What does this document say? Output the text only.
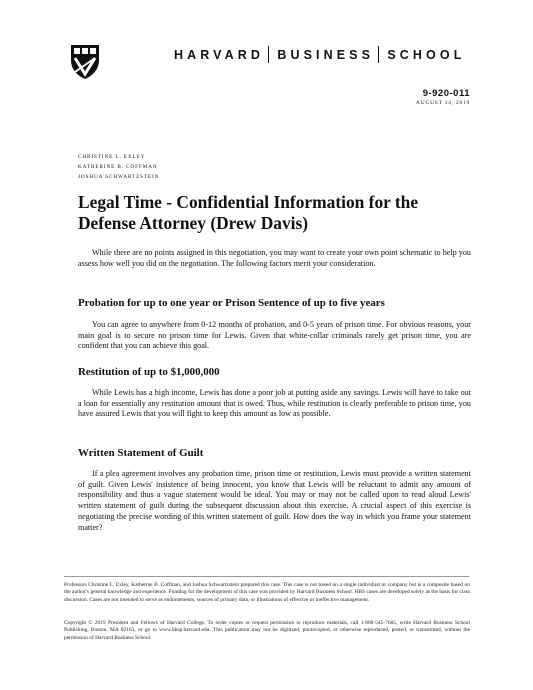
HARVARD BUSINESS SCHOOL
9-920-011
AUGUST 14, 2019
CHRISTINE L. EXLEY
KATHERINE B. COFFMAN
JOSHUA SCHWARTZSTEIN
Legal Time - Confidential Information for the Defense Attorney (Drew Davis)

While there are no points assigned in this negotiation, you may want to create your own point schematic to help you assess how well you did on the negotiation. The following factors merit your consideration.

Probation for up to one year or Prison Sentence of up to five years

You can agree to anywhere from 0-12 months of probation, and 0-5 years of prison time. For obvious reasons, your main goal is to secure no prison time for Lewis. Given that white-collar criminals rarely get prison time, you are confident that you can achieve this goal.

Restitution of up to $1,000,000

While Lewis has a high income, Lewis has done a poor job at putting aside any savings. Lewis will have to take out a loan for essentially any restitution amount that is owed. Thus, while restitution is clearly preferable to prison time, you have assured Lewis that you will fight to keep this amount as low as possible.

Written Statement of Guilt

If a plea agreement involves any probation time, prison time or restitution, Lewis must provide a written statement of guilt. Given Lewis' insistence of being innocent, you know that Lewis will be reluctant to admit any amount of responsibility and thus a vague statement would be ideal. You may or may not be called upon to read aloud Lewis' written statement of guilt during the subsequent discussion about this exercise. A crucial aspect of this exercise is negotiating the precise wording of this written statement of guilt. How does the way in which you frame your statement matter?

Professors Christine L. Exley, Katherine B. Coffman, and Joshua Schwartzstein prepared this case. This case is not based on a single individual or company but is a composite based on the author's general knowledge and experience. Funding for the development of this case was provided by Harvard Business School. HBS cases are developed solely as the basis for class discussion. Cases are not intended to serve as endorsements, sources of primary data, or illustrations of effective or ineffective management.

Copyright © 2019 President and Fellows of Harvard College. To order copies or request permission to reproduce materials, call 1-800-545-7685, write Harvard Business School Publishing, Boston, MA 02163, or go to www.hbsp.harvard.edu. This publication may not be digitized, photocopied, or otherwise reproduced, posted, or transmitted, without the permission of Harvard Business School.
